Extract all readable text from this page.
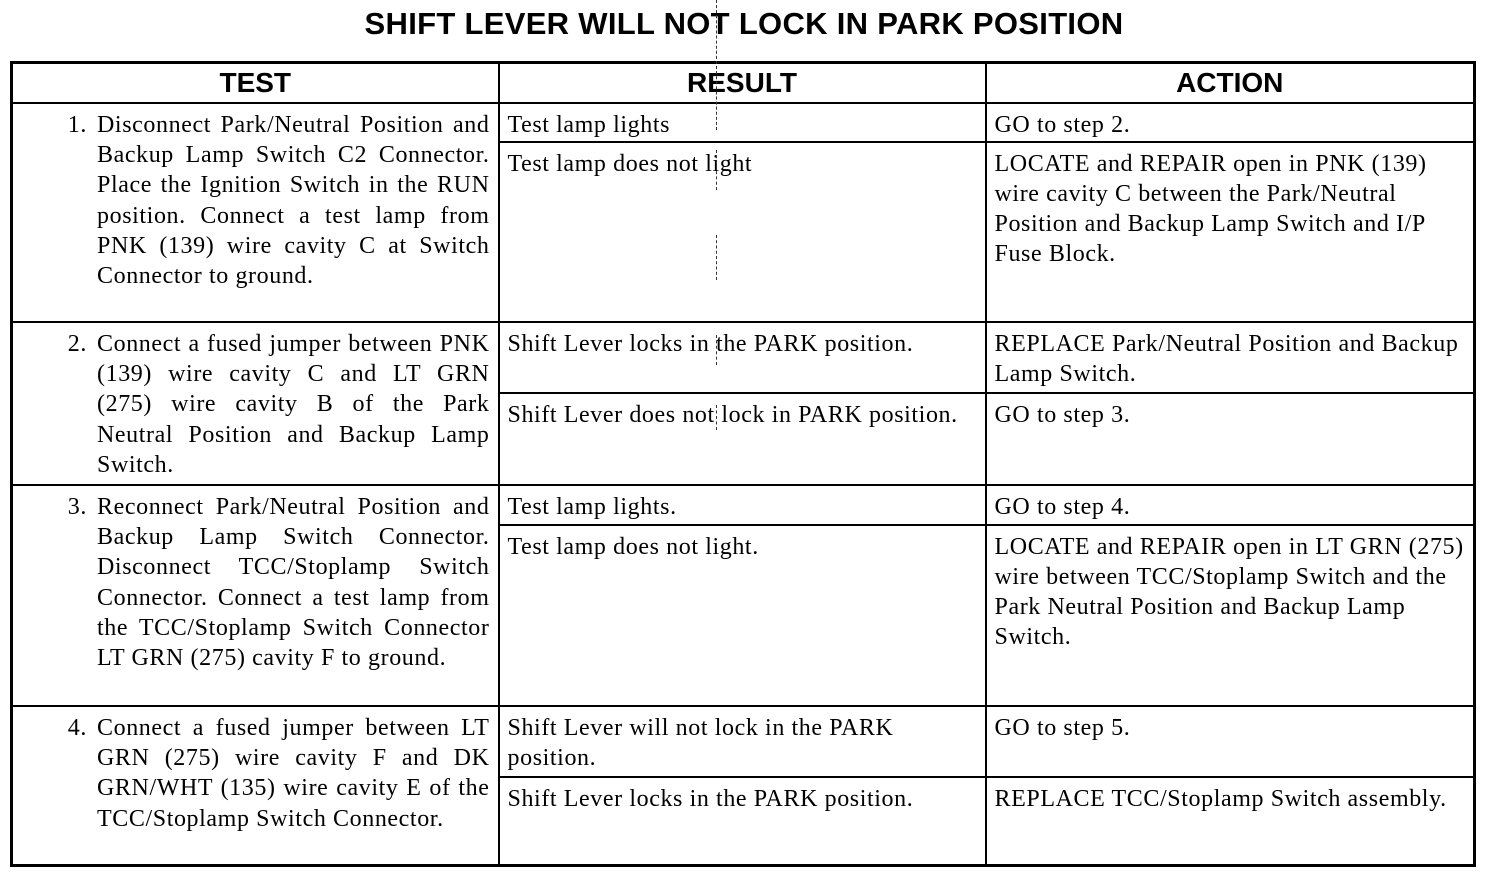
SHIFT LEVER WILL NOT LOCK IN PARK POSITION
TEST	RESULT	ACTION

1. Disconnect Park/Neutral Position and Backup Lamp Switch C2 Connector. Place the Ignition Switch in the RUN position. Connect a test lamp from PNK (139) wire cavity C at Switch Connector to ground.	Test lamp lights	GO to step 2.

	Test lamp does not light	LOCATE and REPAIR open in PNK (139) wire cavity C between the Park/Neutral Position and Backup Lamp Switch and I/P Fuse Block.

2. Connect a fused jumper between PNK (139) wire cavity C and LT GRN (275) wire cavity B of the Park Neutral Position and Backup Lamp Switch.	Shift Lever locks in the PARK position.	REPLACE Park/Neutral Position and Backup Lamp Switch.

	Shift Lever does not lock in PARK position.	GO to step 3.

3. Reconnect Park/Neutral Position and Backup Lamp Switch Connector. Disconnect TCC/Stoplamp Switch Connector. Connect a test lamp from the TCC/Stoplamp Switch Connector LT GRN (275) cavity F to ground.	Test lamp lights.	GO to step 4.

	Test lamp does not light.	LOCATE and REPAIR open in LT GRN (275) wire between TCC/Stoplamp Switch and the Park Neutral Position and Backup Lamp Switch.

4. Connect a fused jumper between LT GRN (275) wire cavity F and DK GRN/WHT (135) wire cavity E of the TCC/Stoplamp Switch Connector.	Shift Lever will not lock in the PARK position.	GO to step 5.

	Shift Lever locks in the PARK position.	REPLACE TCC/Stoplamp Switch assembly.
